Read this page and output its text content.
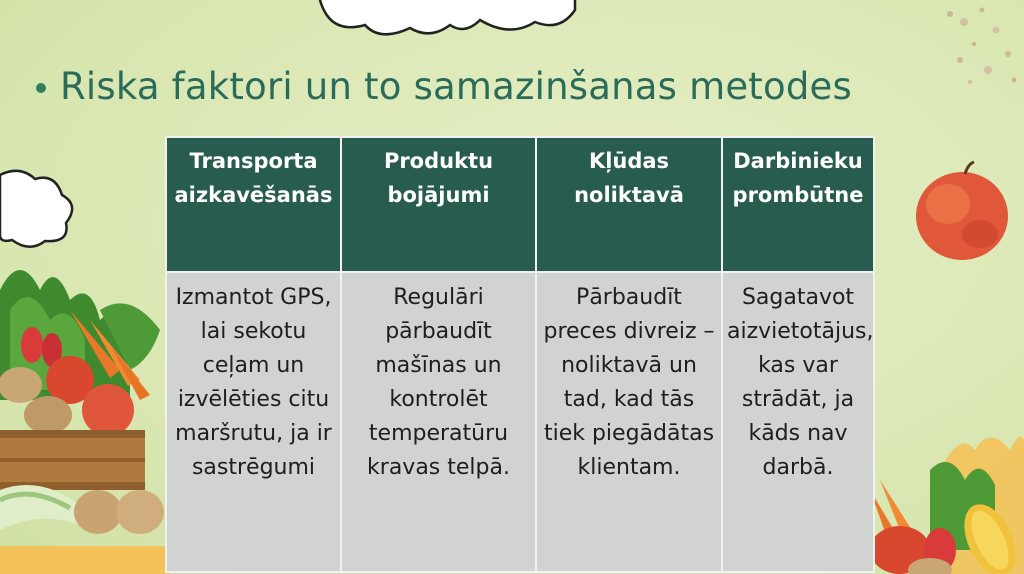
Riska faktori un to samazinšanas metodes
Transporta aizkavēšanās	Produktu bojājumi	Kļūdas noliktavā	Darbinieku prombūtne
Izmantot GPS, lai sekotu ceļam un izvēlēties citu maršrutu, ja ir sastrēgumi	Regulāri pārbaudīt mašīnas un kontrolēt temperatūru kravas telpā.	Pārbaudīt preces divreiz – noliktavā un tad, kad tās tiek piegādātas klientam.	Sagatavot aizvietotājus, kas var strādāt, ja kāds nav darbā.
